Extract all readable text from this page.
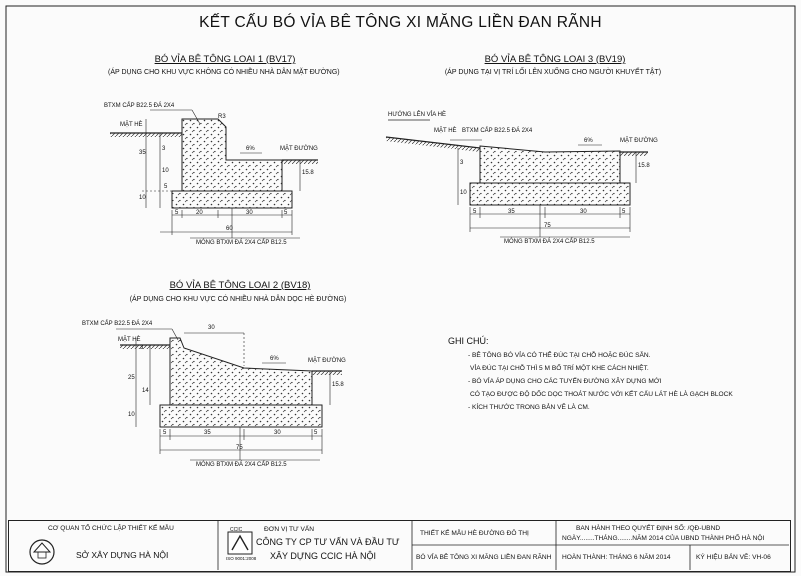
KẾT CẤU BÓ VỈA BÊ TÔNG XI MĂNG LIỀN ĐAN RÃNH
BÓ VỈA BÊ TÔNG LOẠI 1 (BV17)
(ÁP DỤNG CHO KHU VỰC KHÔNG CÓ NHIỀU NHÀ DÂN MẶT ĐƯỜNG)
BTXM CẤP B22.5 ĐÁ 2X4
MẶT HÈ
MẶT ĐƯỜNG
6%
R3
5	20	30	5
60
35
3
10
10
5
15.8
MÓNG BTXM ĐÁ 2X4 CẤP B12.5
BÓ VỈA BÊ TÔNG LOẠI 3 (BV19)
(ÁP DỤNG TẠI VỊ TRÍ LỐI LÊN XUỐNG CHO NGƯỜI KHUYẾT TẬT)
HƯỚNG LÊN VỈA HÈ
BTXM CẤP B22.5 ĐÁ 2X4
MẶT HÈ
MẶT ĐƯỜNG
6%
5	35	30	5
75
15.8
10
3
MÓNG BTXM ĐÁ 2X4 CẤP B12.5
BÓ VỈA BÊ TÔNG LOẠI 2 (BV18)
(ÁP DỤNG CHO KHU VỰC CÓ NHIỀU NHÀ DÂN DỌC HÈ ĐƯỜNG)
BTXM CẤP B22.5 ĐÁ 2X4
MẶT HÈ
MẶT ĐƯỜNG
6%
30
5	35	30	5
75
3
25
14
15.8
10
MÓNG BTXM ĐÁ 2X4 CẤP B12.5
GHI CHÚ:
- BÊ TÔNG BÓ VỈA CÓ THỂ ĐÚC TẠI CHỖ HOẶC ĐÚC SẴN.
VỈA ĐÚC TẠI CHỖ THÌ 5 M BỐ TRÍ MỘT KHE CÁCH NHIỆT.
- BÓ VỈA ÁP DỤNG CHO CÁC TUYẾN ĐƯỜNG XÂY DỰNG MỚI
CÓ TẠO ĐƯỢC ĐỘ DỐC DỌC THOÁT NƯỚC VỚI KẾT CẤU LÁT HÈ LÀ GẠCH BLOCK
- KÍCH THƯỚC TRONG BẢN VẼ LÀ CM.
CƠ QUAN TỔ CHỨC LẬP THIẾT KẾ MẪU
SỞ XÂY DỰNG HÀ NỘI
ĐƠN VỊ TƯ VẤN
CÔNG TY CP TƯ VẤN VÀ ĐẦU TƯ
XÂY DỰNG CCIC HÀ NỘI
CCIC
ISO 9001:2008
THIẾT KẾ MẪU HÈ ĐƯỜNG ĐÔ THỊ
BÓ VỈA BÊ TÔNG XI MĂNG LIỀN ĐAN RÃNH
BAN HÀNH THEO QUYẾT ĐỊNH SỐ: /QĐ-UBND
NGÀY........THÁNG........NĂM 2014 CỦA UBND THÀNH PHỐ HÀ NỘI
HOÀN THÀNH: THÁNG 6 NĂM 2014	KÝ HIỆU BẢN VẼ: VH-06
